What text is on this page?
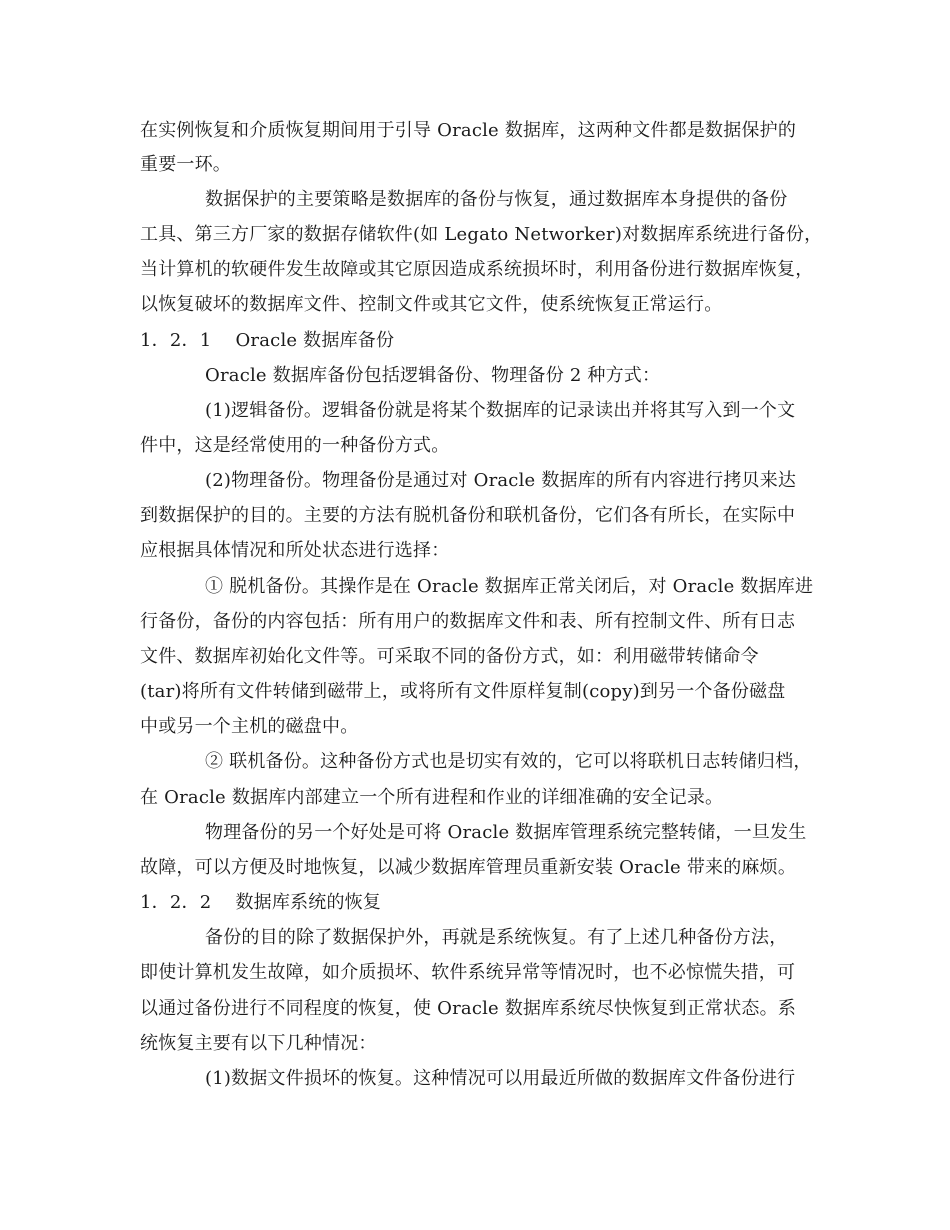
在实例恢复和介质恢复期间用于引导 Oracle 数据库，这两种文件都是数据保护的
重要一环。
数据保护的主要策略是数据库的备份与恢复，通过数据库本身提供的备份
工具、第三方厂家的数据存储软件(如 Legato Networker)对数据库系统进行备份，
当计算机的软硬件发生故障或其它原因造成系统损坏时，利用备份进行数据库恢复，
以恢复破坏的数据库文件、控制文件或其它文件，使系统恢复正常运行。
1．2．1　 Oracle 数据库备份
Oracle 数据库备份包括逻辑备份、物理备份 2 种方式：
(1)逻辑备份。逻辑备份就是将某个数据库的记录读出并将其写入到一个文
件中，这是经常使用的一种备份方式。
(2)物理备份。物理备份是通过对 Oracle 数据库的所有内容进行拷贝来达
到数据保护的目的。主要的方法有脱机备份和联机备份，它们各有所长，在实际中
应根据具体情况和所处状态进行选择：
① 脱机备份。其操作是在 Oracle 数据库正常关闭后，对 Oracle 数据库进
行备份，备份的内容包括：所有用户的数据库文件和表、所有控制文件、所有日志
文件、数据库初始化文件等。可采取不同的备份方式，如：利用磁带转储命令
(tar)将所有文件转储到磁带上，或将所有文件原样复制(copy)到另一个备份磁盘
中或另一个主机的磁盘中。
② 联机备份。这种备份方式也是切实有效的，它可以将联机日志转储归档，
在 Oracle 数据库内部建立一个所有进程和作业的详细准确的安全记录。
物理备份的另一个好处是可将 Oracle 数据库管理系统完整转储，一旦发生
故障，可以方便及时地恢复，以减少数据库管理员重新安装 Oracle 带来的麻烦。
1．2．2　 数据库系统的恢复
备份的目的除了数据保护外，再就是系统恢复。有了上述几种备份方法，
即使计算机发生故障，如介质损坏、软件系统异常等情况时，也不必惊慌失措，可
以通过备份进行不同程度的恢复，使 Oracle 数据库系统尽快恢复到正常状态。系
统恢复主要有以下几种情况：
(1)数据文件损坏的恢复。这种情况可以用最近所做的数据库文件备份进行
